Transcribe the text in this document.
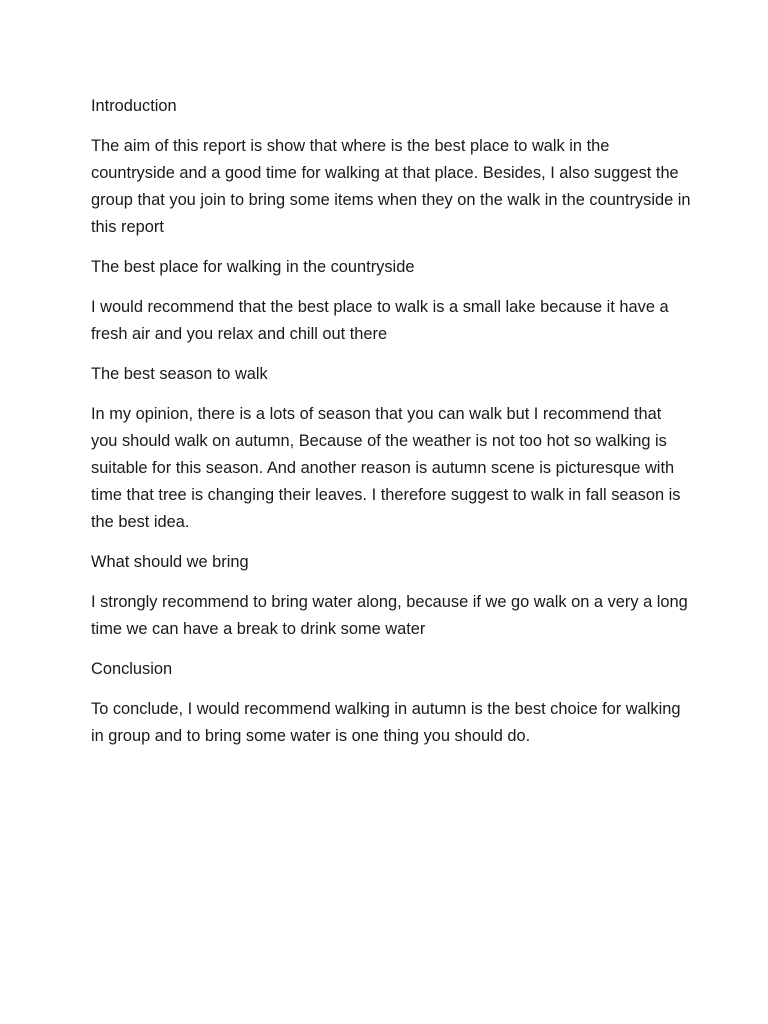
Introduction
The aim of this report is show that where is the best place to walk in the countryside and a good time for walking at that place. Besides, I also suggest the group that you join to bring some items when they on the walk in the countryside in this report
The best place for walking in the countryside
I would recommend that the best place to walk is a small lake because it have a fresh air and you relax and chill out there
The best season to walk
In my opinion, there is a lots of season that you can walk but I recommend that you should walk on autumn, Because of the weather is not too hot so walking is suitable for this season. And another reason is autumn scene is picturesque with time that tree is changing their leaves. I therefore suggest to walk in fall season is the best idea.
What should we bring
I strongly recommend to bring water along, because if we go walk on a very a long time we can have a break to drink some water
Conclusion
To conclude, I would recommend walking in autumn is the best choice for walking in group and to bring some water is one thing you should do.
